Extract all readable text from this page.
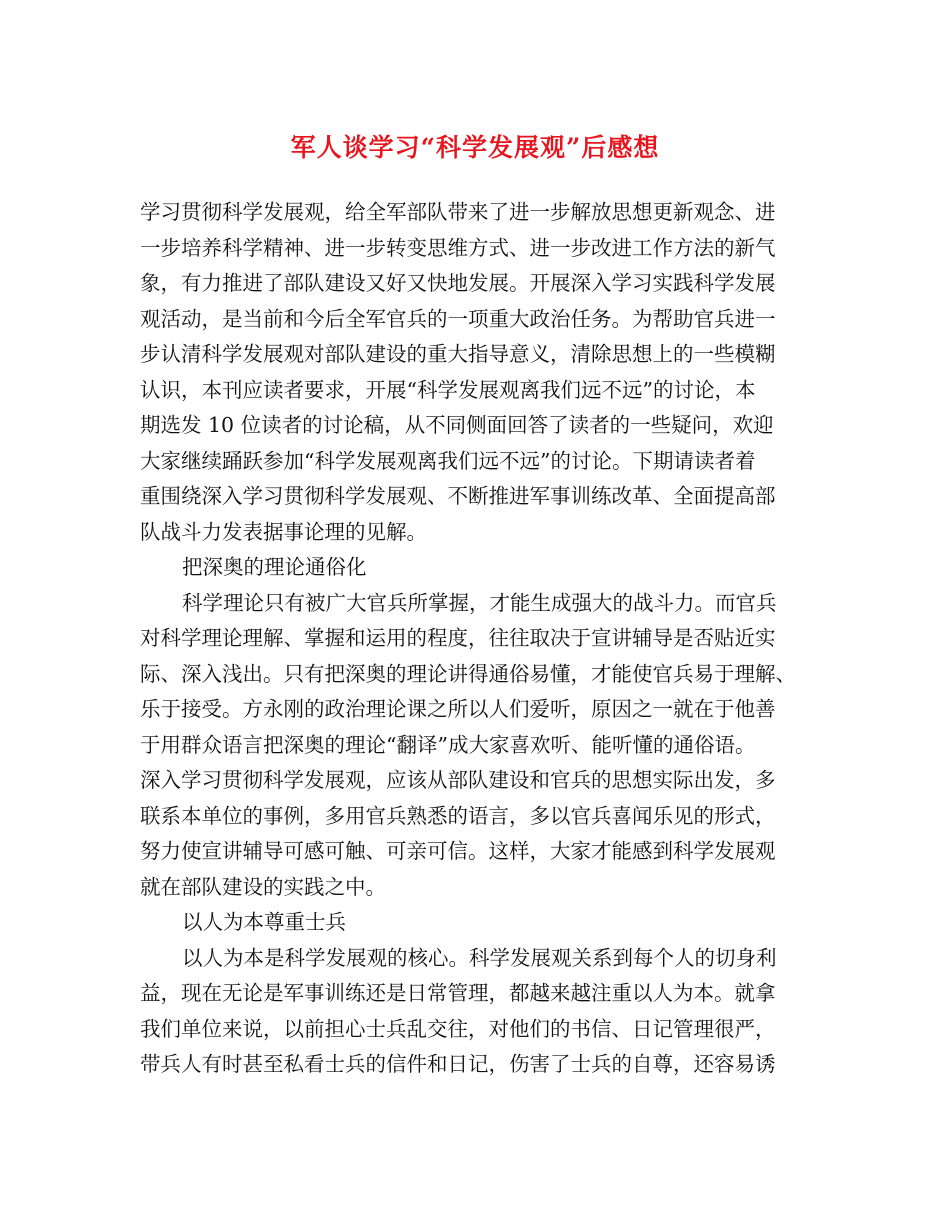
军人谈学习“科学发展观”后感想
学习贯彻科学发展观，给全军部队带来了进一步解放思想更新观念、进
一步培养科学精神、进一步转变思维方式、进一步改进工作方法的新气
象，有力推进了部队建设又好又快地发展。开展深入学习实践科学发展
观活动，是当前和今后全军官兵的一项重大政治任务。为帮助官兵进一
步认清科学发展观对部队建设的重大指导意义，清除思想上的一些模糊
认识，本刊应读者要求，开展“科学发展观离我们远不远”的讨论，本
期选发 10 位读者的讨论稿，从不同侧面回答了读者的一些疑问，欢迎
大家继续踊跃参加“科学发展观离我们远不远”的讨论。下期请读者着
重围绕深入学习贯彻科学发展观、不断推进军事训练改革、全面提高部
队战斗力发表据事论理的见解。
把深奥的理论通俗化
科学理论只有被广大官兵所掌握，才能生成强大的战斗力。而官兵
对科学理论理解、掌握和运用的程度，往往取决于宣讲辅导是否贴近实
际、深入浅出。只有把深奥的理论讲得通俗易懂，才能使官兵易于理解、
乐于接受。方永刚的政治理论课之所以人们爱听，原因之一就在于他善
于用群众语言把深奥的理论“翻译”成大家喜欢听、能听懂的通俗语。
深入学习贯彻科学发展观，应该从部队建设和官兵的思想实际出发，多
联系本单位的事例，多用官兵熟悉的语言，多以官兵喜闻乐见的形式，
努力使宣讲辅导可感可触、可亲可信。这样，大家才能感到科学发展观
就在部队建设的实践之中。
以人为本尊重士兵
以人为本是科学发展观的核心。科学发展观关系到每个人的切身利
益，现在无论是军事训练还是日常管理，都越来越注重以人为本。就拿
我们单位来说，以前担心士兵乱交往，对他们的书信、日记管理很严，
带兵人有时甚至私看士兵的信件和日记，伤害了士兵的自尊，还容易诱
